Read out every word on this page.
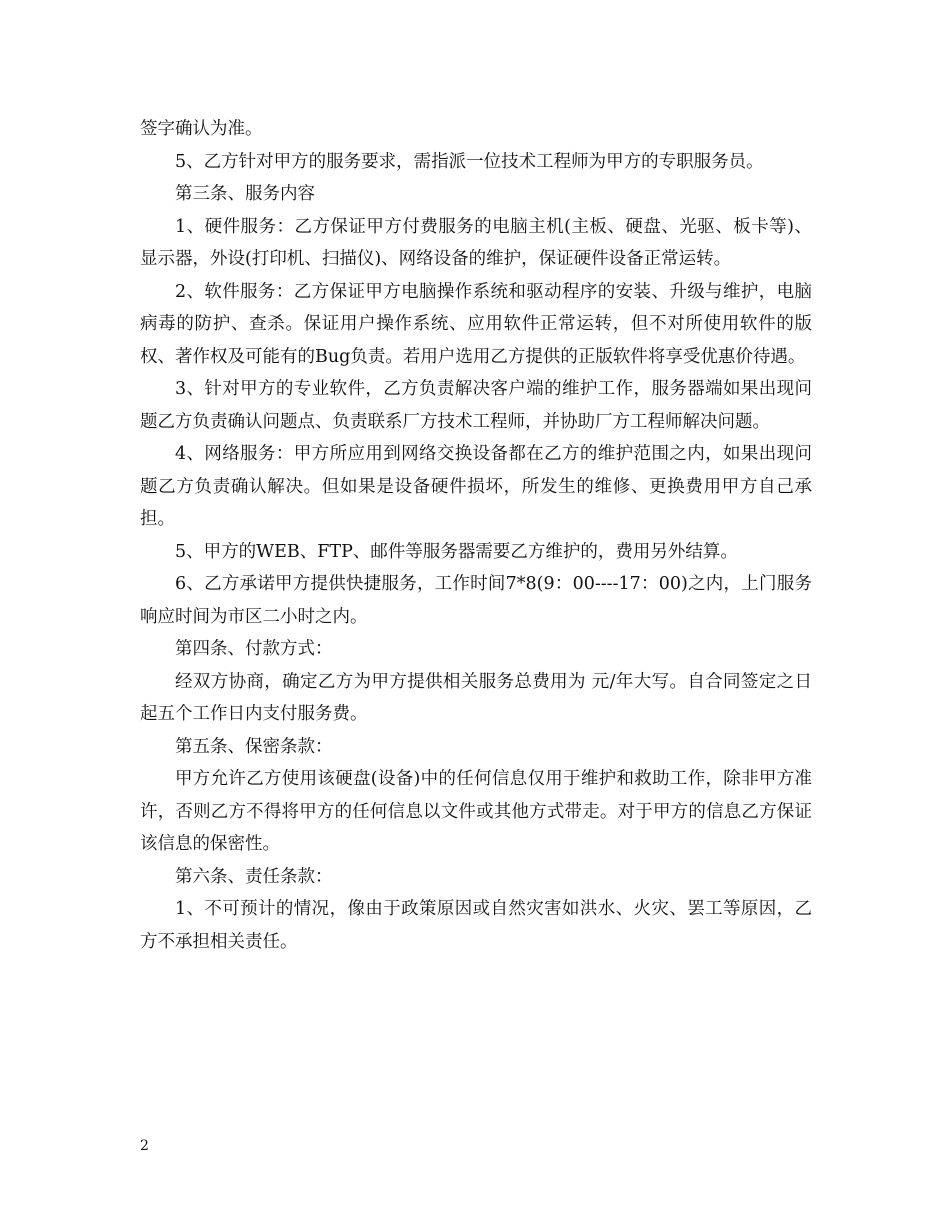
签字确认为准。

5、乙方针对甲方的服务要求，需指派一位技术工程师为甲方的专职服务员。

第三条、服务内容

1、硬件服务：乙方保证甲方付费服务的电脑主机(主板、硬盘、光驱、板卡等)、显示器，外设(打印机、扫描仪)、网络设备的维护，保证硬件设备正常运转。

2、软件服务：乙方保证甲方电脑操作系统和驱动程序的安装、升级与维护，电脑病毒的防护、查杀。保证用户操作系统、应用软件正常运转，但不对所使用软件的版权、著作权及可能有的Bug负责。若用户选用乙方提供的正版软件将享受优惠价待遇。

3、针对甲方的专业软件，乙方负责解决客户端的维护工作，服务器端如果出现问题乙方负责确认问题点、负责联系厂方技术工程师，并协助厂方工程师解决问题。

4、网络服务：甲方所应用到网络交换设备都在乙方的维护范围之内，如果出现问题乙方负责确认解决。但如果是设备硬件损坏，所发生的维修、更换费用甲方自己承担。

5、甲方的WEB、FTP、邮件等服务器需要乙方维护的，费用另外结算。

6、乙方承诺甲方提供快捷服务，工作时间7*8(9：00----17：00)之内，上门服务响应时间为市区二小时之内。

第四条、付款方式：

经双方协商，确定乙方为甲方提供相关服务总费用为 元/年大写。自合同签定之日起五个工作日内支付服务费。

第五条、保密条款：

甲方允许乙方使用该硬盘(设备)中的任何信息仅用于维护和救助工作，除非甲方准许，否则乙方不得将甲方的任何信息以文件或其他方式带走。对于甲方的信息乙方保证该信息的保密性。

第六条、责任条款：

1、不可预计的情况，像由于政策原因或自然灾害如洪水、火灾、罢工等原因，乙方不承担相关责任。

2
